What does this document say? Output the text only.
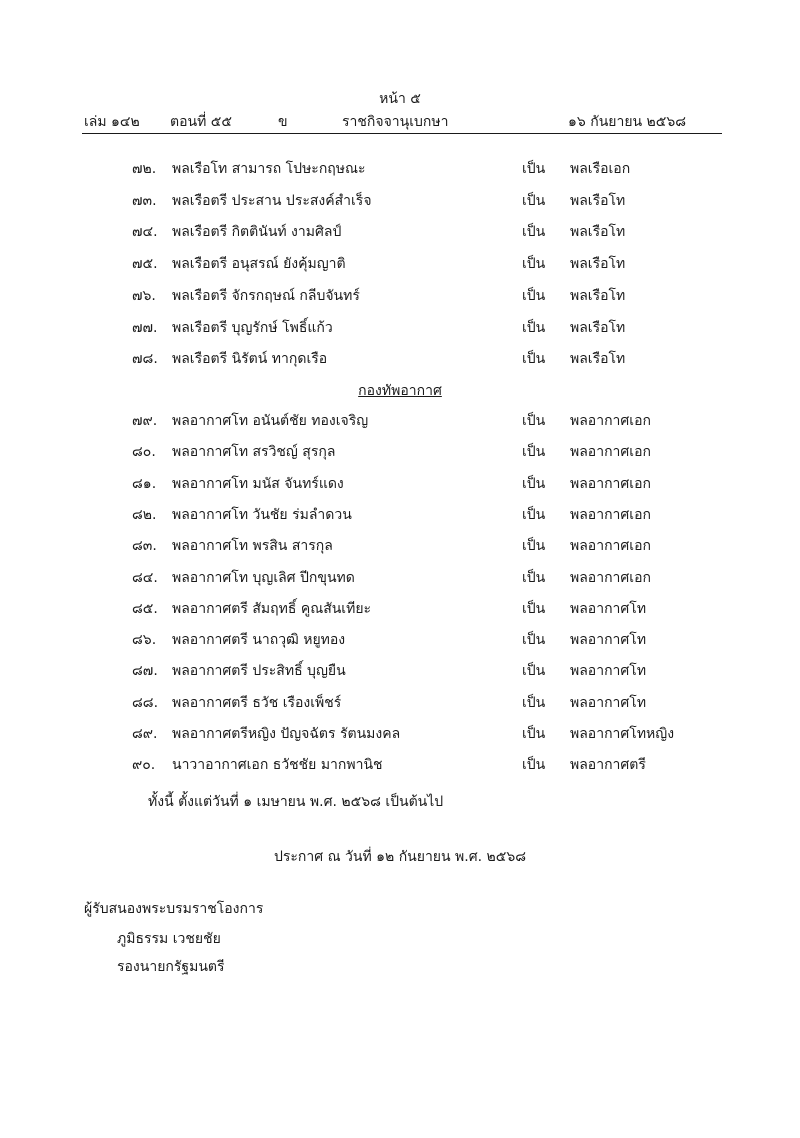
หน้า ๕
เล่ม ๑๔๒ ตอนที่ ๕๕	ข	ราชกิจจานุเบกษา	๑๖ กันยายน ๒๕๖๘
๗๒. พลเรือโท สามารถ โปษะกฤษณะ	เป็น พลเรือเอก
๗๓. พลเรือตรี ประสาน ประสงค์สำเร็จ	เป็น พลเรือโท
๗๔. พลเรือตรี กิตตินันท์ งามศิลป์	เป็น พลเรือโท
๗๕. พลเรือตรี อนุสรณ์ ยังคุ้มญาติ	เป็น พลเรือโท
๗๖. พลเรือตรี จักรกฤษณ์ กลีบจันทร์	เป็น พลเรือโท
๗๗. พลเรือตรี บุญรักษ์ โพธิ์แก้ว	เป็น พลเรือโท
๗๘. พลเรือตรี นิรัตน์ ทากุดเรือ	เป็น พลเรือโท
กองทัพอากาศ
๗๙. พลอากาศโท อนันต์ชัย ทองเจริญ	เป็น พลอากาศเอก
๘๐. พลอากาศโท สรวิชญ์ สุรกุล	เป็น พลอากาศเอก
๘๑. พลอากาศโท มนัส จันทร์แดง	เป็น พลอากาศเอก
๘๒. พลอากาศโท วันชัย ร่มลำดวน	เป็น พลอากาศเอก
๘๓. พลอากาศโท พรสิน สารกุล	เป็น พลอากาศเอก
๘๔. พลอากาศโท บุญเลิศ ปีกขุนทด	เป็น พลอากาศเอก
๘๕. พลอากาศตรี สัมฤทธิ์ คูณสันเทียะ	เป็น พลอากาศโท
๘๖. พลอากาศตรี นาถวุฒิ หยูทอง	เป็น พลอากาศโท
๘๗. พลอากาศตรี ประสิทธิ์ บุญยืน	เป็น พลอากาศโท
๘๘. พลอากาศตรี ธวัช เรืองเพ็ชร์	เป็น พลอากาศโท
๘๙. พลอากาศตรีหญิง ปัญจฉัตร รัตนมงคล	เป็น พลอากาศโทหญิง
๙๐. นาวาอากาศเอก ธวัชชัย มากพานิช	เป็น พลอากาศตรี
ทั้งนี้ ตั้งแต่วันที่ ๑ เมษายน พ.ศ. ๒๕๖๘ เป็นต้นไป
ประกาศ ณ วันที่ ๑๒ กันยายน พ.ศ. ๒๕๖๘
ผู้รับสนองพระบรมราชโองการ
ภูมิธรรม เวชยชัย
รองนายกรัฐมนตรี
